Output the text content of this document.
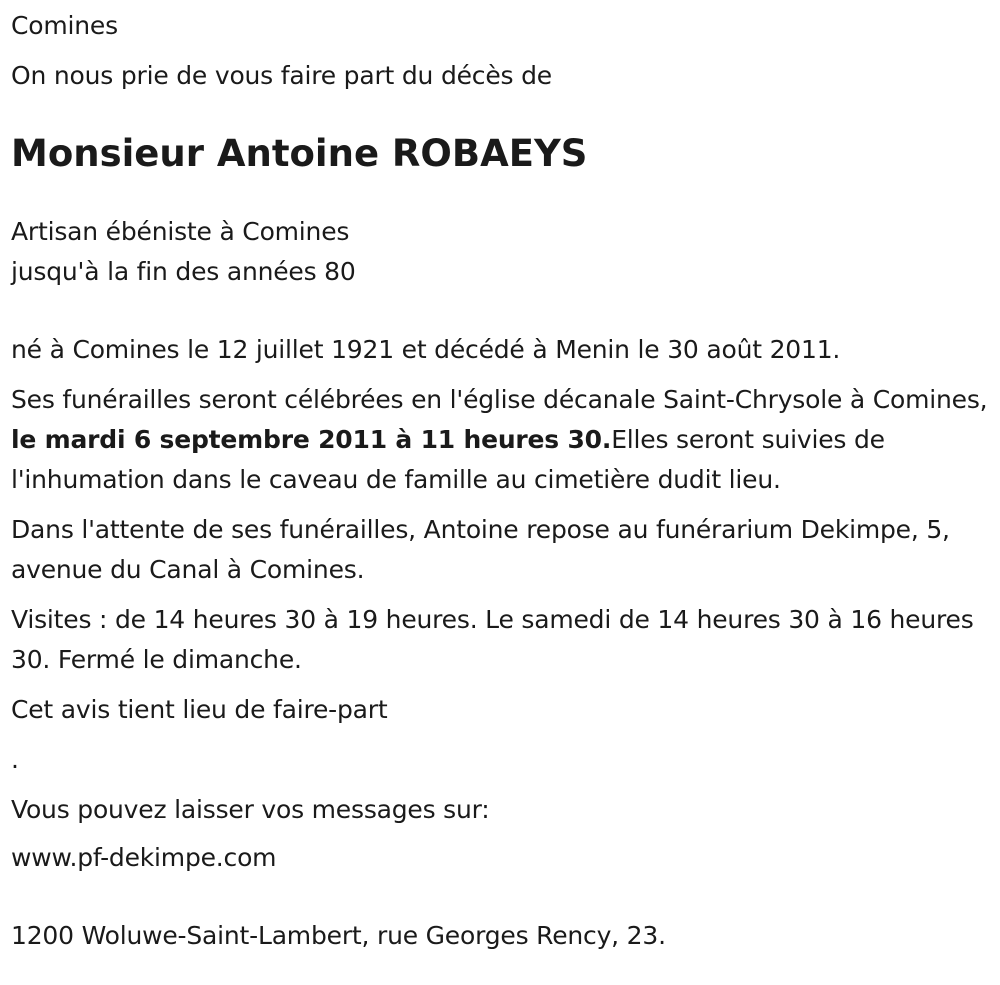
Comines

On nous prie de vous faire part du décès de

Monsieur Antoine ROBAEYS

Artisan ébéniste à Comines

jusqu'à la fin des années 80

né à Comines le 12 juillet 1921 et décédé à Menin le 30 août 2011.

Ses funérailles seront célébrées en l'église décanale Saint-Chrysole à Comines, le mardi 6 septembre 2011 à 11 heures 30.Elles seront suivies de l'inhumation dans le caveau de famille au cimetière dudit lieu.

Dans l'attente de ses funérailles, Antoine repose au funérarium Dekimpe, 5, avenue du Canal à Comines.

Visites : de 14 heures 30 à 19 heures. Le samedi de 14 heures 30 à 16 heures 30. Fermé le dimanche.

Cet avis tient lieu de faire-part

.

Vous pouvez laisser vos messages sur:

www.pf-dekimpe.com

1200 Woluwe-Saint-Lambert, rue Georges Rency, 23.
